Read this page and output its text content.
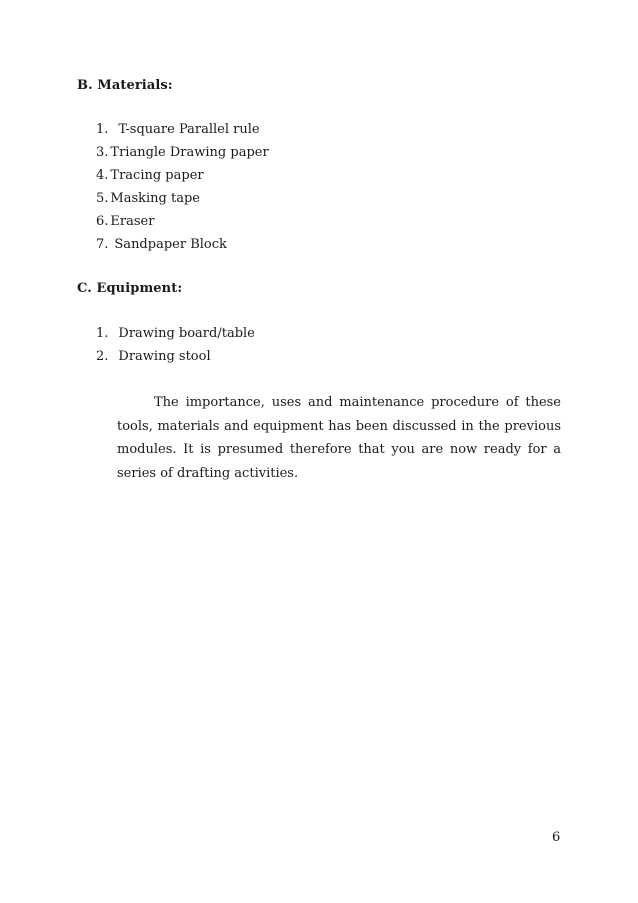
B. Materials:
1. T-square Parallel rule
3. Triangle Drawing paper
4. Tracing paper
5. Masking tape
6. Eraser
7. Sandpaper Block
C. Equipment:
1. Drawing board/table
2. Drawing stool

The importance, uses and maintenance procedure of these tools, materials and equipment has been discussed in the previous modules. It is presumed therefore that you are now ready for a series of drafting activities.

6
